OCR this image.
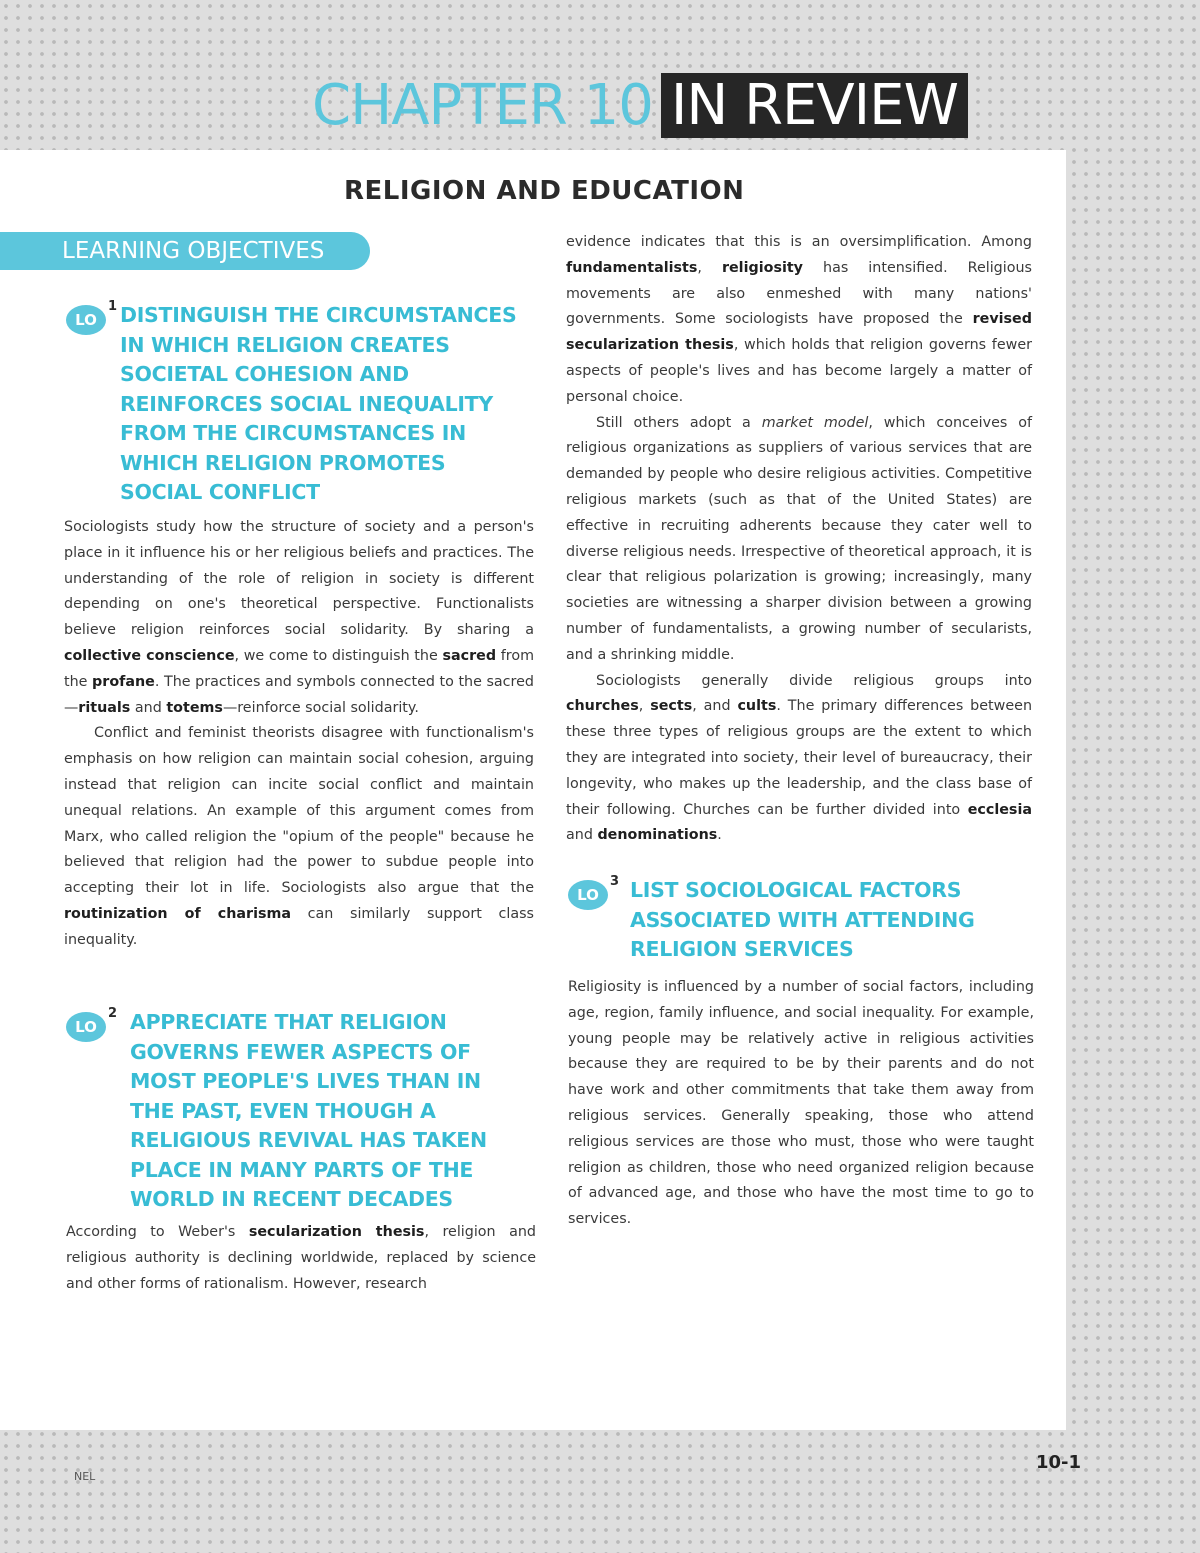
CHAPTER 10 IN REVIEW
RELIGION AND EDUCATION
LEARNING OBJECTIVES
LO
1 DISTINGUISH THE CIRCUMSTANCES IN WHICH RELIGION CREATES SOCIETAL COHESION AND REINFORCES SOCIAL INEQUALITY FROM THE CIRCUMSTANCES IN WHICH RELIGION PROMOTES SOCIAL CONFLICT

Sociologists study how the structure of society and a person's place in it influence his or her religious beliefs and practices. The understanding of the role of religion in society is different depending on one's theoretical perspective. Functionalists believe religion reinforces social solidarity. By sharing a collective conscience, we come to distinguish the sacred from the profane. The practices and symbols connected to the sacred—rituals and totems—reinforce social solidarity.

Conflict and feminist theorists disagree with functionalism's emphasis on how religion can maintain social cohesion, arguing instead that religion can incite social conflict and maintain unequal relations. An example of this argument comes from Marx, who called religion the "opium of the people" because he believed that religion had the power to subdue people into accepting their lot in life. Sociologists also argue that the routinization of charisma can similarly support class inequality.

LO
2 APPRECIATE THAT RELIGION GOVERNS FEWER ASPECTS OF MOST PEOPLE'S LIVES THAN IN THE PAST, EVEN THOUGH A RELIGIOUS REVIVAL HAS TAKEN PLACE IN MANY PARTS OF THE WORLD IN RECENT DECADES

According to Weber's secularization thesis, religion and religious authority is declining worldwide, replaced by science and other forms of rationalism. However, research

evidence indicates that this is an oversimplification. Among fundamentalists, religiosity has intensified. Religious movements are also enmeshed with many nations' governments. Some sociologists have proposed the revised secularization thesis, which holds that religion governs fewer aspects of people's lives and has become largely a matter of personal choice.

Still others adopt a market model, which conceives of religious organizations as suppliers of various services that are demanded by people who desire religious activities. Competitive religious markets (such as that of the United States) are effective in recruiting adherents because they cater well to diverse religious needs. Irrespective of theoretical approach, it is clear that religious polarization is growing; increasingly, many societies are witnessing a sharper division between a growing number of fundamentalists, a growing number of secularists, and a shrinking middle.

Sociologists generally divide religious groups into churches, sects, and cults. The primary differences between these three types of religious groups are the extent to which they are integrated into society, their level of bureaucracy, their longevity, who makes up the leadership, and the class base of their following. Churches can be further divided into ecclesia and denominations.

LO
3 LIST SOCIOLOGICAL FACTORS ASSOCIATED WITH ATTENDING RELIGION SERVICES

Religiosity is influenced by a number of social factors, including age, region, family influence, and social inequality. For example, young people may be relatively active in religious activities because they are required to be by their parents and do not have work and other commitments that take them away from religious services. Generally speaking, those who attend religious services are those who must, those who were taught religion as children, those who need organized religion because of advanced age, and those who have the most time to go to services.

NEL
10-1
